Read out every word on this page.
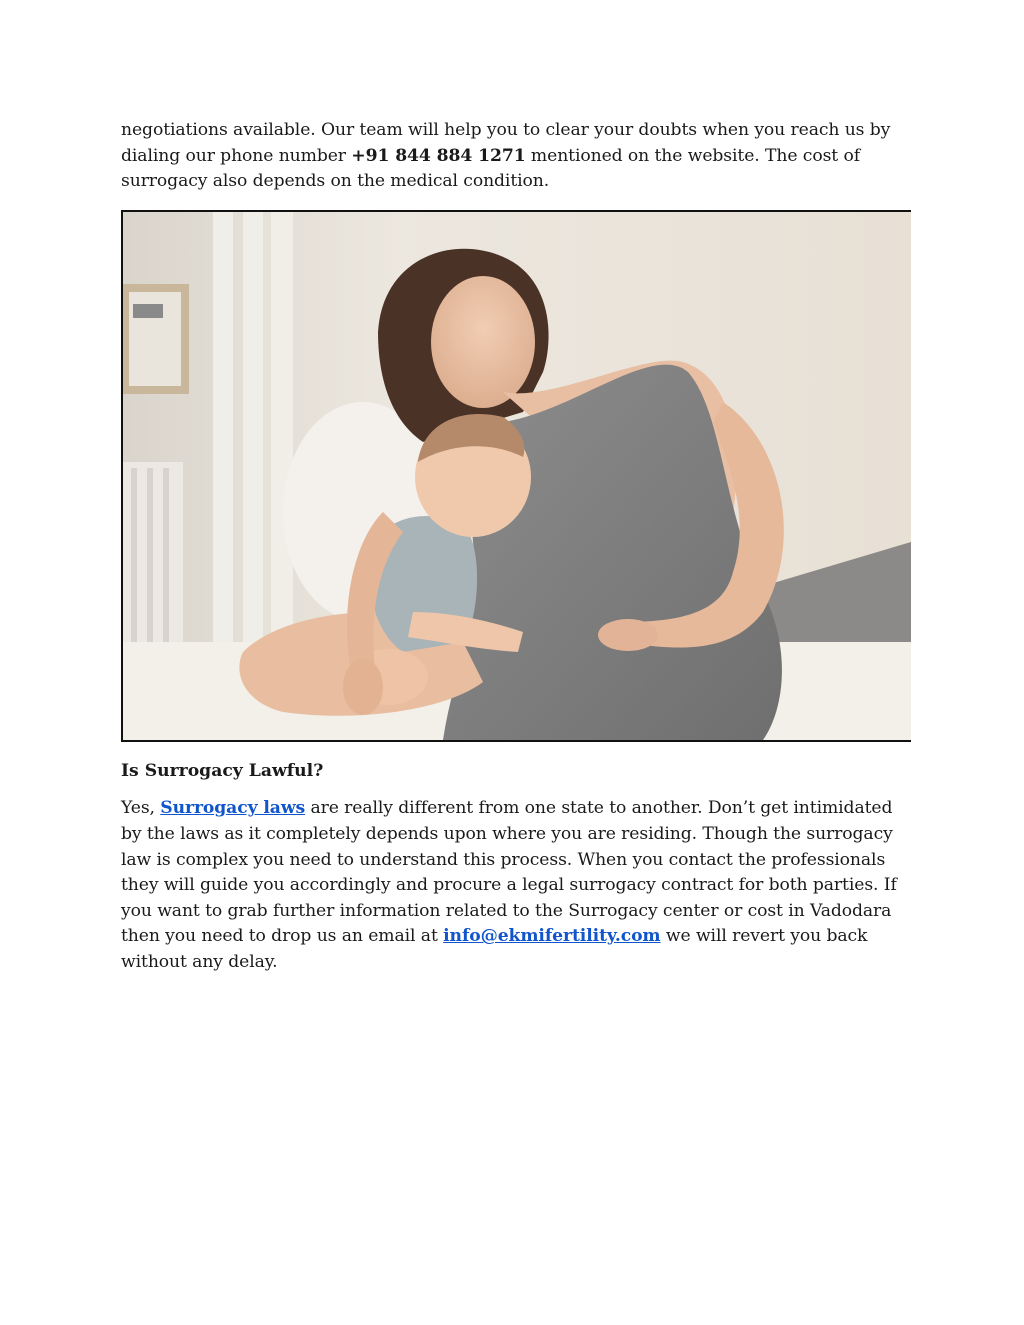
negotiations available. Our team will help you to clear your doubts when you reach us by dialing our phone number +91 844 884 1271 mentioned on the website. The cost of surrogacy also depends on the medical condition.

Is Surrogacy Lawful?

Yes, Surrogacy laws are really different from one state to another. Don’t get intimidated by the laws as it completely depends upon where you are residing. Though the surrogacy law is complex you need to understand this process. When you contact the professionals they will guide you accordingly and procure a legal surrogacy contract for both parties. If you want to grab further information related to the Surrogacy center or cost in Vadodara then you need to drop us an email at info@ekmifertility.com we will revert you back without any delay.
